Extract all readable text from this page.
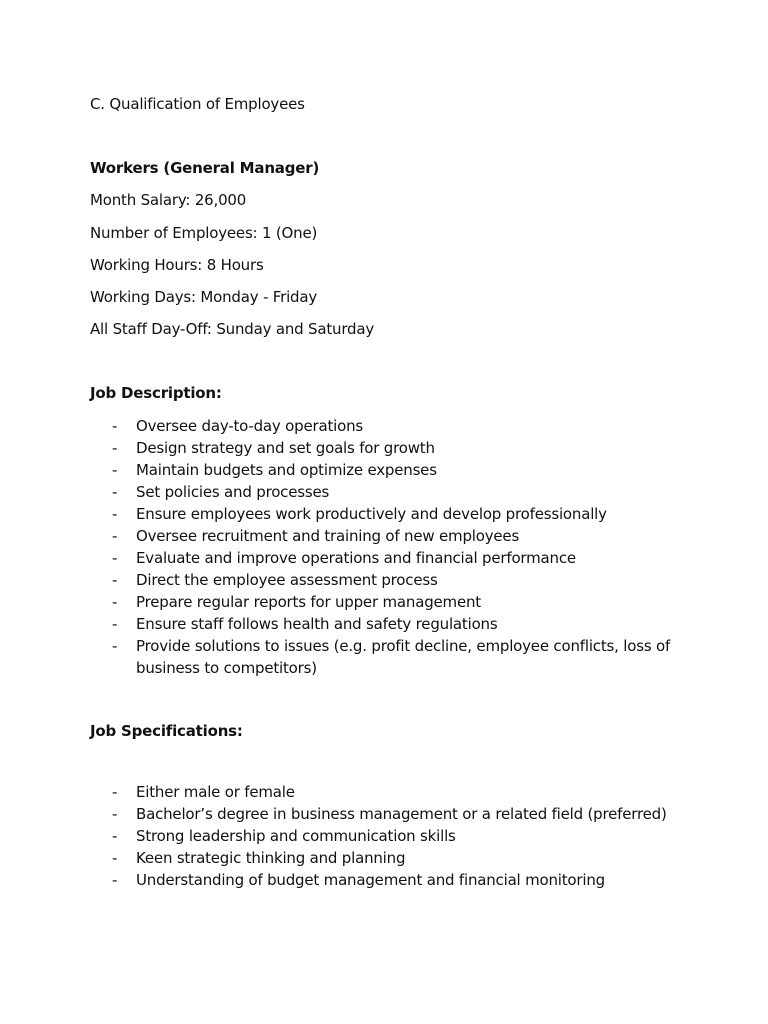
C. Qualification of Employees
Workers (General Manager)
Month Salary: 26,000
Number of Employees: 1 (One)
Working Hours: 8 Hours
Working Days: Monday - Friday
All Staff Day-Off: Sunday and Saturday
Job Description:
- Oversee day-to-day operations
- Design strategy and set goals for growth
- Maintain budgets and optimize expenses
- Set policies and processes
- Ensure employees work productively and develop professionally
- Oversee recruitment and training of new employees
- Evaluate and improve operations and financial performance
- Direct the employee assessment process
- Prepare regular reports for upper management
- Ensure staff follows health and safety regulations
- Provide solutions to issues (e.g. profit decline, employee conflicts, loss of business to competitors)
Job Specifications:
- Either male or female
- Bachelor’s degree in business management or a related field (preferred)
- Strong leadership and communication skills
- Keen strategic thinking and planning
- Understanding of budget management and financial monitoring
